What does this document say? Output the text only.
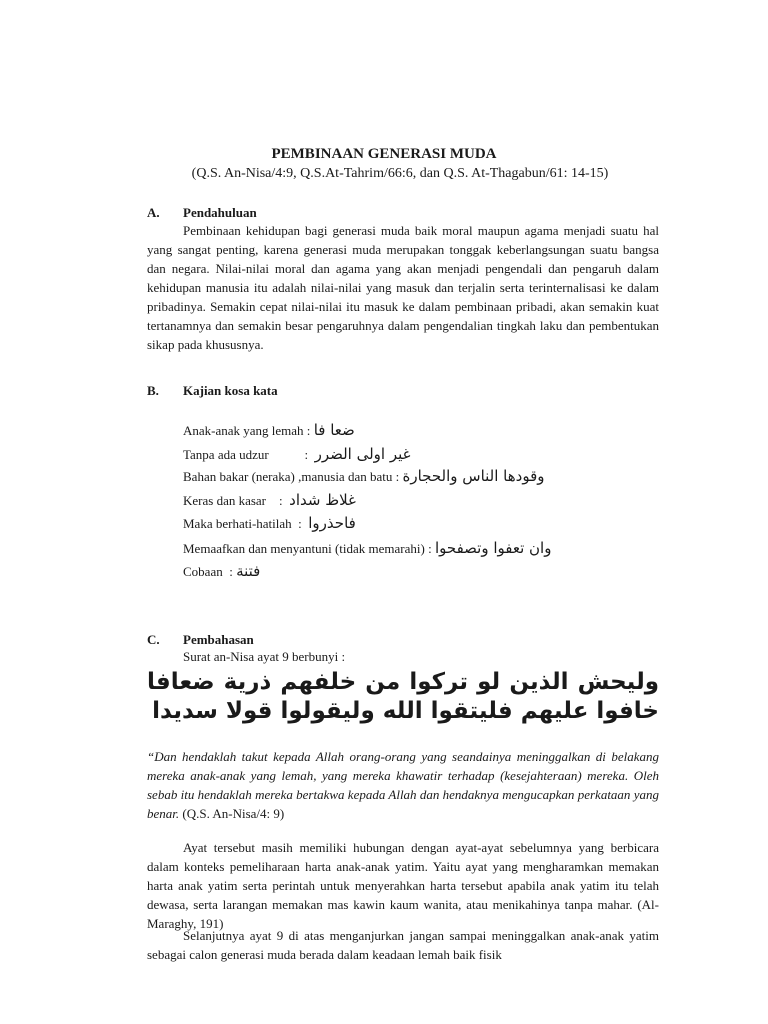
PEMBINAAN GENERASI MUDA
(Q.S. An-Nisa/4:9, Q.S.At-Tahrim/66:6, dan Q.S. At-Thagabun/61: 14-15)
A. Pendahuluan
Pembinaan kehidupan bagi generasi muda baik moral maupun agama menjadi suatu hal yang sangat penting, karena generasi muda merupakan tonggak keberlangsungan suatu bangsa dan negara. Nilai-nilai moral dan agama yang akan menjadi pengendali dan pengaruh dalam kehidupan manusia itu adalah nilai-nilai yang masuk dan terjalin serta terinternalisasi ke dalam pribadinya. Semakin cepat nilai-nilai itu masuk ke dalam pembinaan pribadi, akan semakin kuat tertanamnya dan semakin besar pengaruhnya dalam pengendalian tingkah laku dan pembentukan sikap pada khususnya.
B. Kajian kosa kata
Anak-anak yang lemah : ضعا فا
Tanpa ada udzur           :  غير اولى الضرر
Bahan bakar (neraka) ,manusia dan batu : وقودها الناس والحجارة
Keras dan kasar    :  غلاظ شداد
Maka berhati-hatilah  :  فاحذروا
Memaafkan dan menyantuni (tidak memarahi) : وان تعفوا وتصفحوا
Cobaan  : فتنة
C. Pembahasan
Surat an-Nisa ayat 9 berbunyi :
وليحش الذين لو تركوا من خلفهم ذرية ضعافا خافوا عليهم فليتقوا الله وليقولوا قولا سديدا
“Dan hendaklah takut kepada Allah orang-orang yang seandainya meninggalkan di belakang mereka anak-anak yang lemah, yang mereka khawatir terhadap (kesejahteraan) mereka. Oleh sebab itu hendaklah mereka bertakwa kepada Allah dan hendaknya mengucapkan perkataan yang benar. (Q.S. An-Nisa/4: 9)
Ayat tersebut masih memiliki hubungan dengan ayat-ayat sebelumnya yang berbicara dalam konteks pemeliharaan harta anak-anak yatim. Yaitu ayat yang mengharamkan memakan harta anak yatim serta perintah untuk menyerahkan harta tersebut apabila anak yatim itu telah dewasa, serta larangan memakan mas kawin kaum wanita, atau menikahinya tanpa mahar. (Al-Maraghy, 191)
Selanjutnya ayat 9 di atas menganjurkan jangan sampai meninggalkan anak-anak yatim sebagai calon generasi muda berada dalam keadaan lemah baik fisik
